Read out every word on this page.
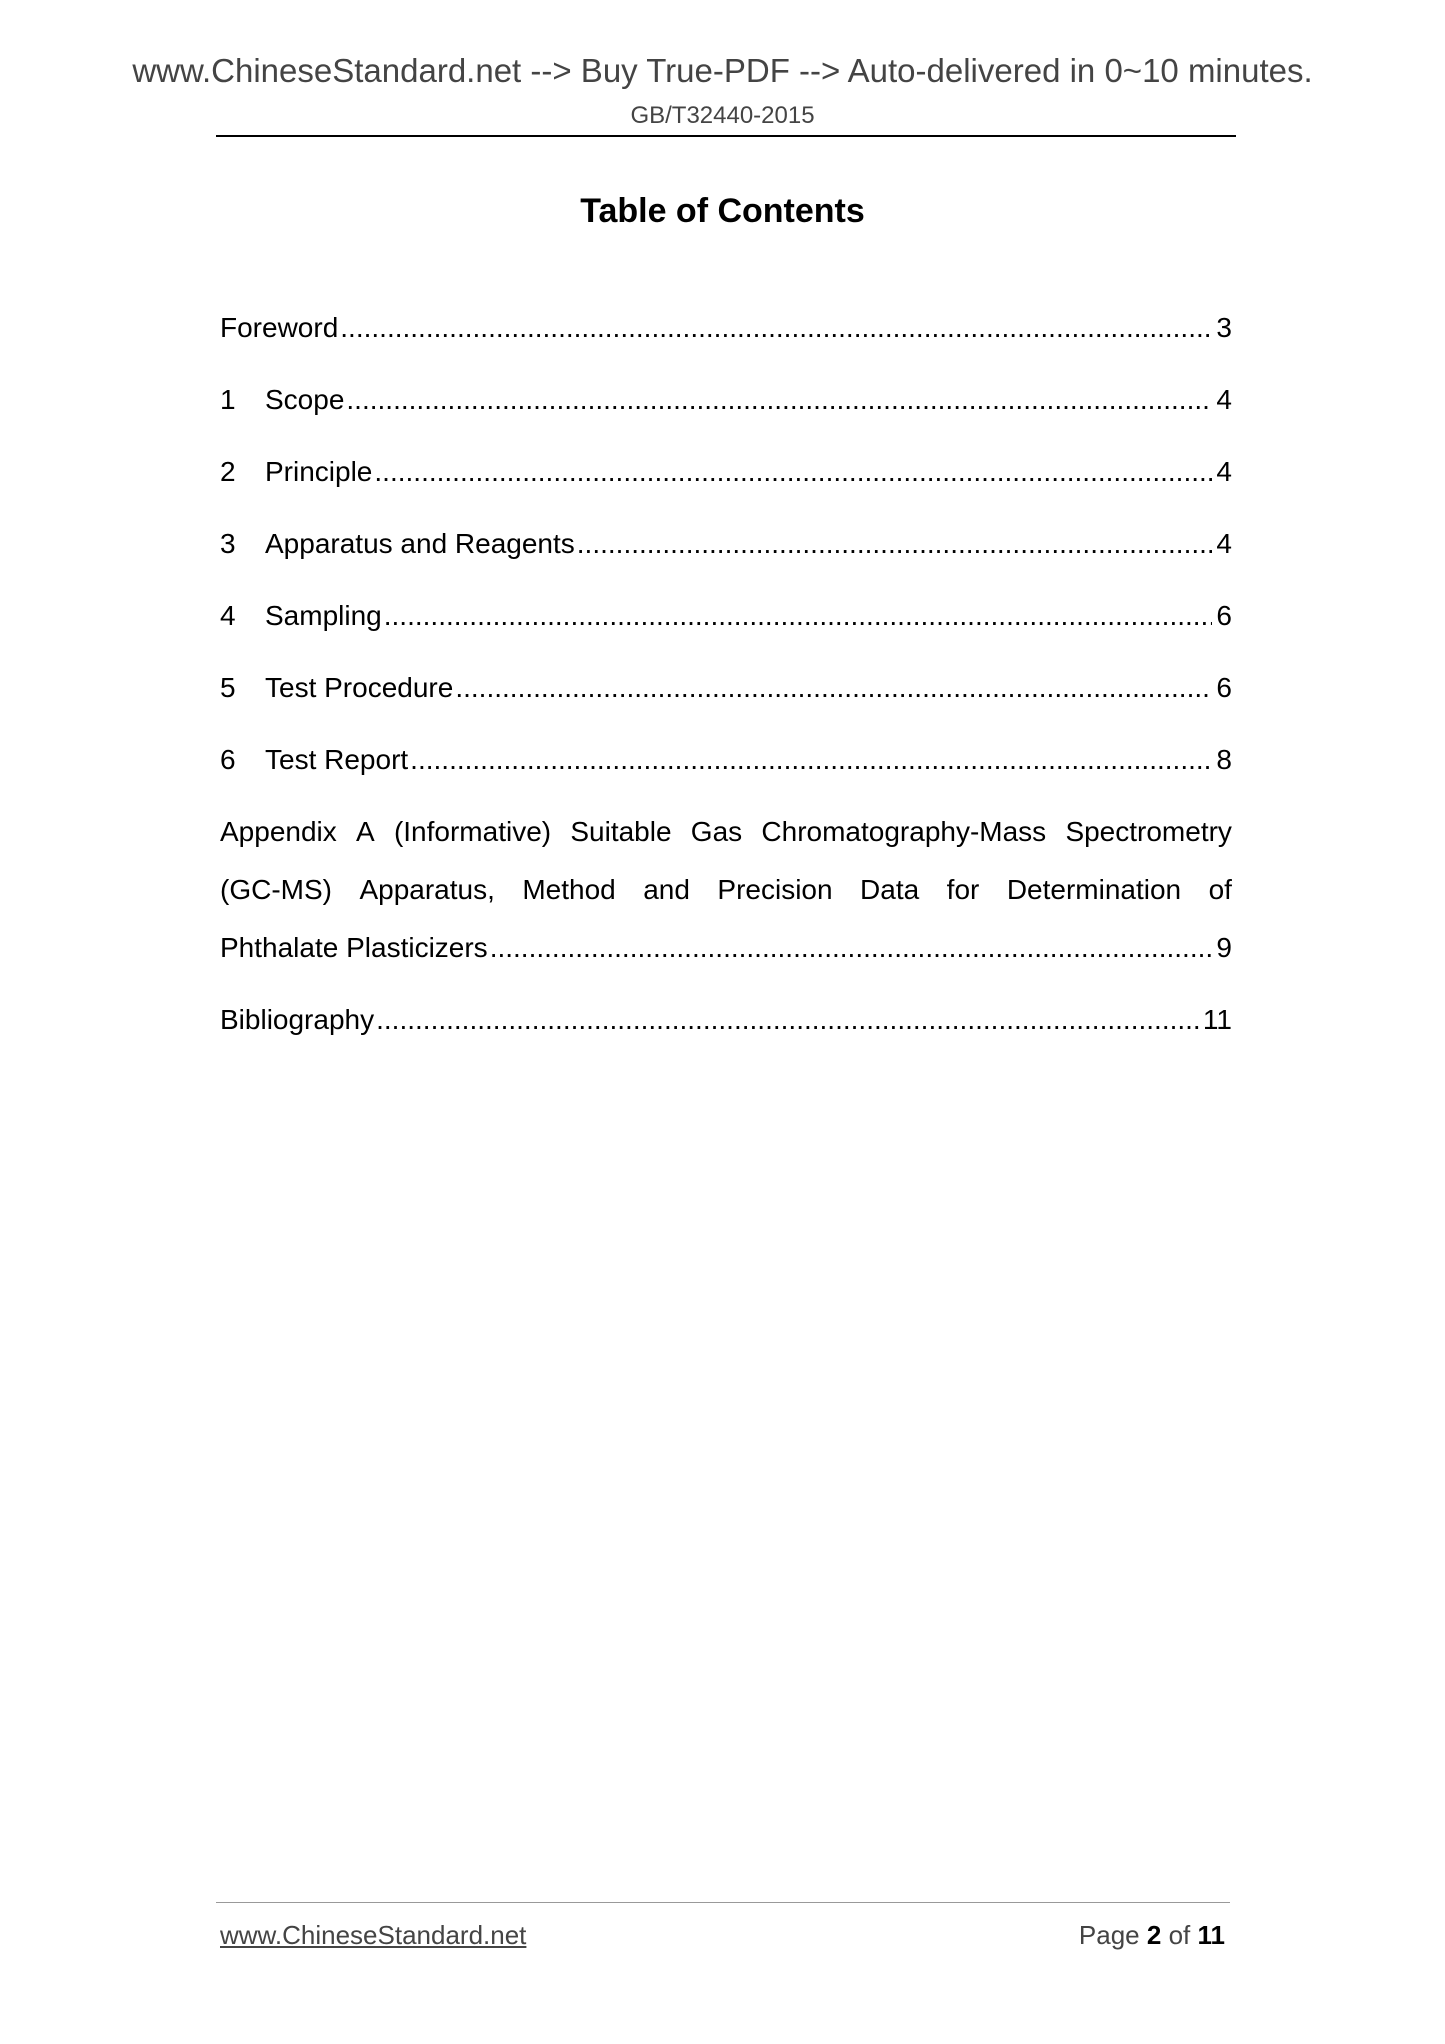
www.ChineseStandard.net --> Buy True-PDF --> Auto-delivered in 0~10 minutes.
GB/T32440-2015
Table of Contents
Foreword .....	3
1	Scope .....	4
2	Principle .....	4
3	Apparatus and Reagents .....	4
4	Sampling .....	6
5	Test Procedure .....	6
6	Test Report .....	8
Appendix A (Informative) Suitable Gas Chromatography-Mass Spectrometry
(GC-MS) Apparatus, Method and Precision Data for Determination of
Phthalate Plasticizers .....	9
Bibliography .....	11
www.ChineseStandard.net	Page 2 of 11
